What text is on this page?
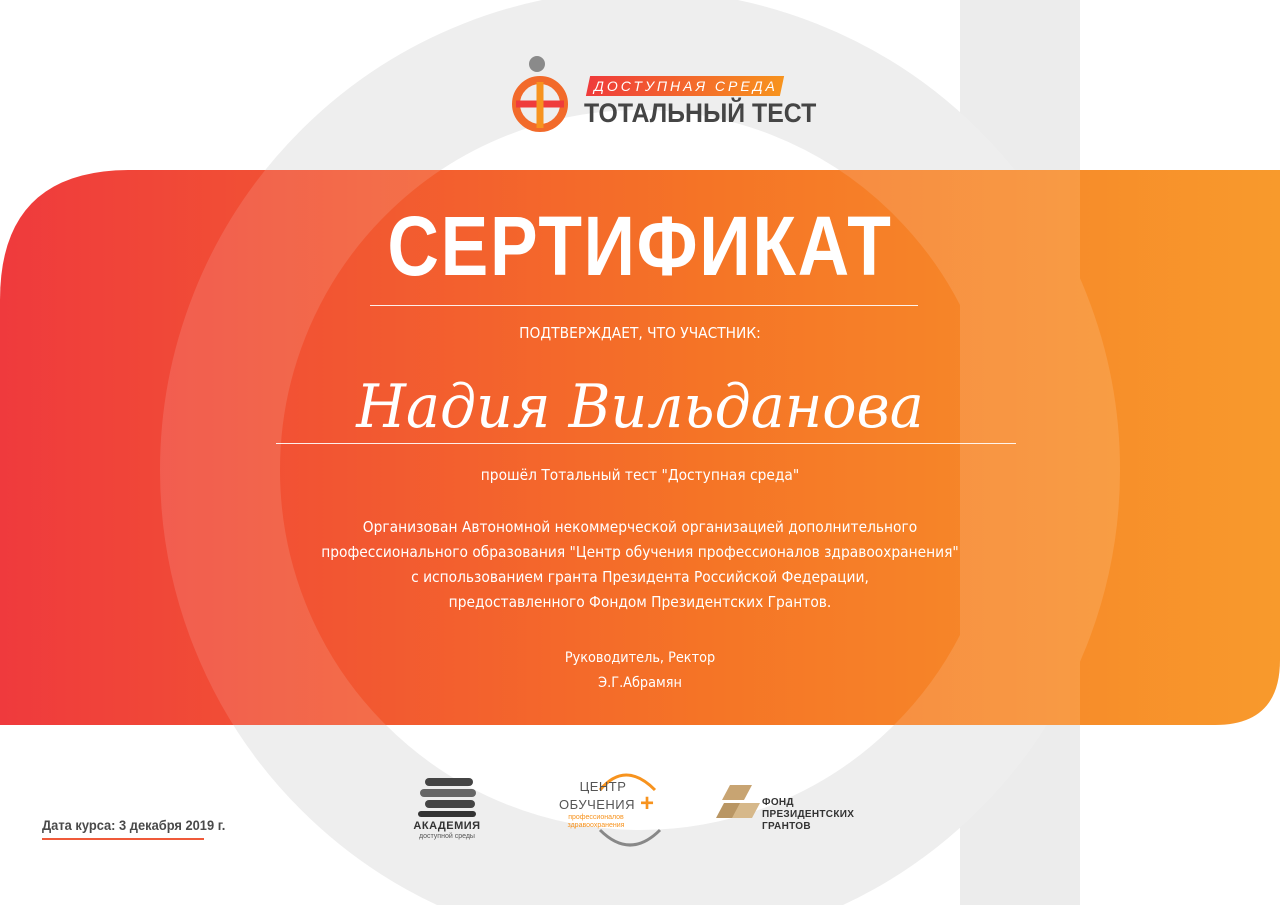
ДОСТУПНАЯ СРЕДА
ТОТАЛЬНЫЙ ТЕСТ
СЕРТИФИКАТ
ПОДТВЕРЖДАЕТ, ЧТО УЧАСТНИК:
Надия Вильданова
прошёл Тотальный тест "Доступная среда"
Организован Автономной некоммерческой организацией дополнительного
профессионального образования "Центр обучения профессионалов здравоохранения"
с использованием гранта Президента Российской Федерации,
предоставленного Фондом Президентских Грантов.
Руководитель, Ректор
Э.Г.Абрамян
Дата курса: 3 декабря 2019 г.	АКАДЕМИЯ
доступной среды
ЦЕНТР
ОБУЧЕНИЯ
профессионалов
здравоохранения
+	ФОНД
ПРЕЗИДЕНТСКИХ
ГРАНТОВ
